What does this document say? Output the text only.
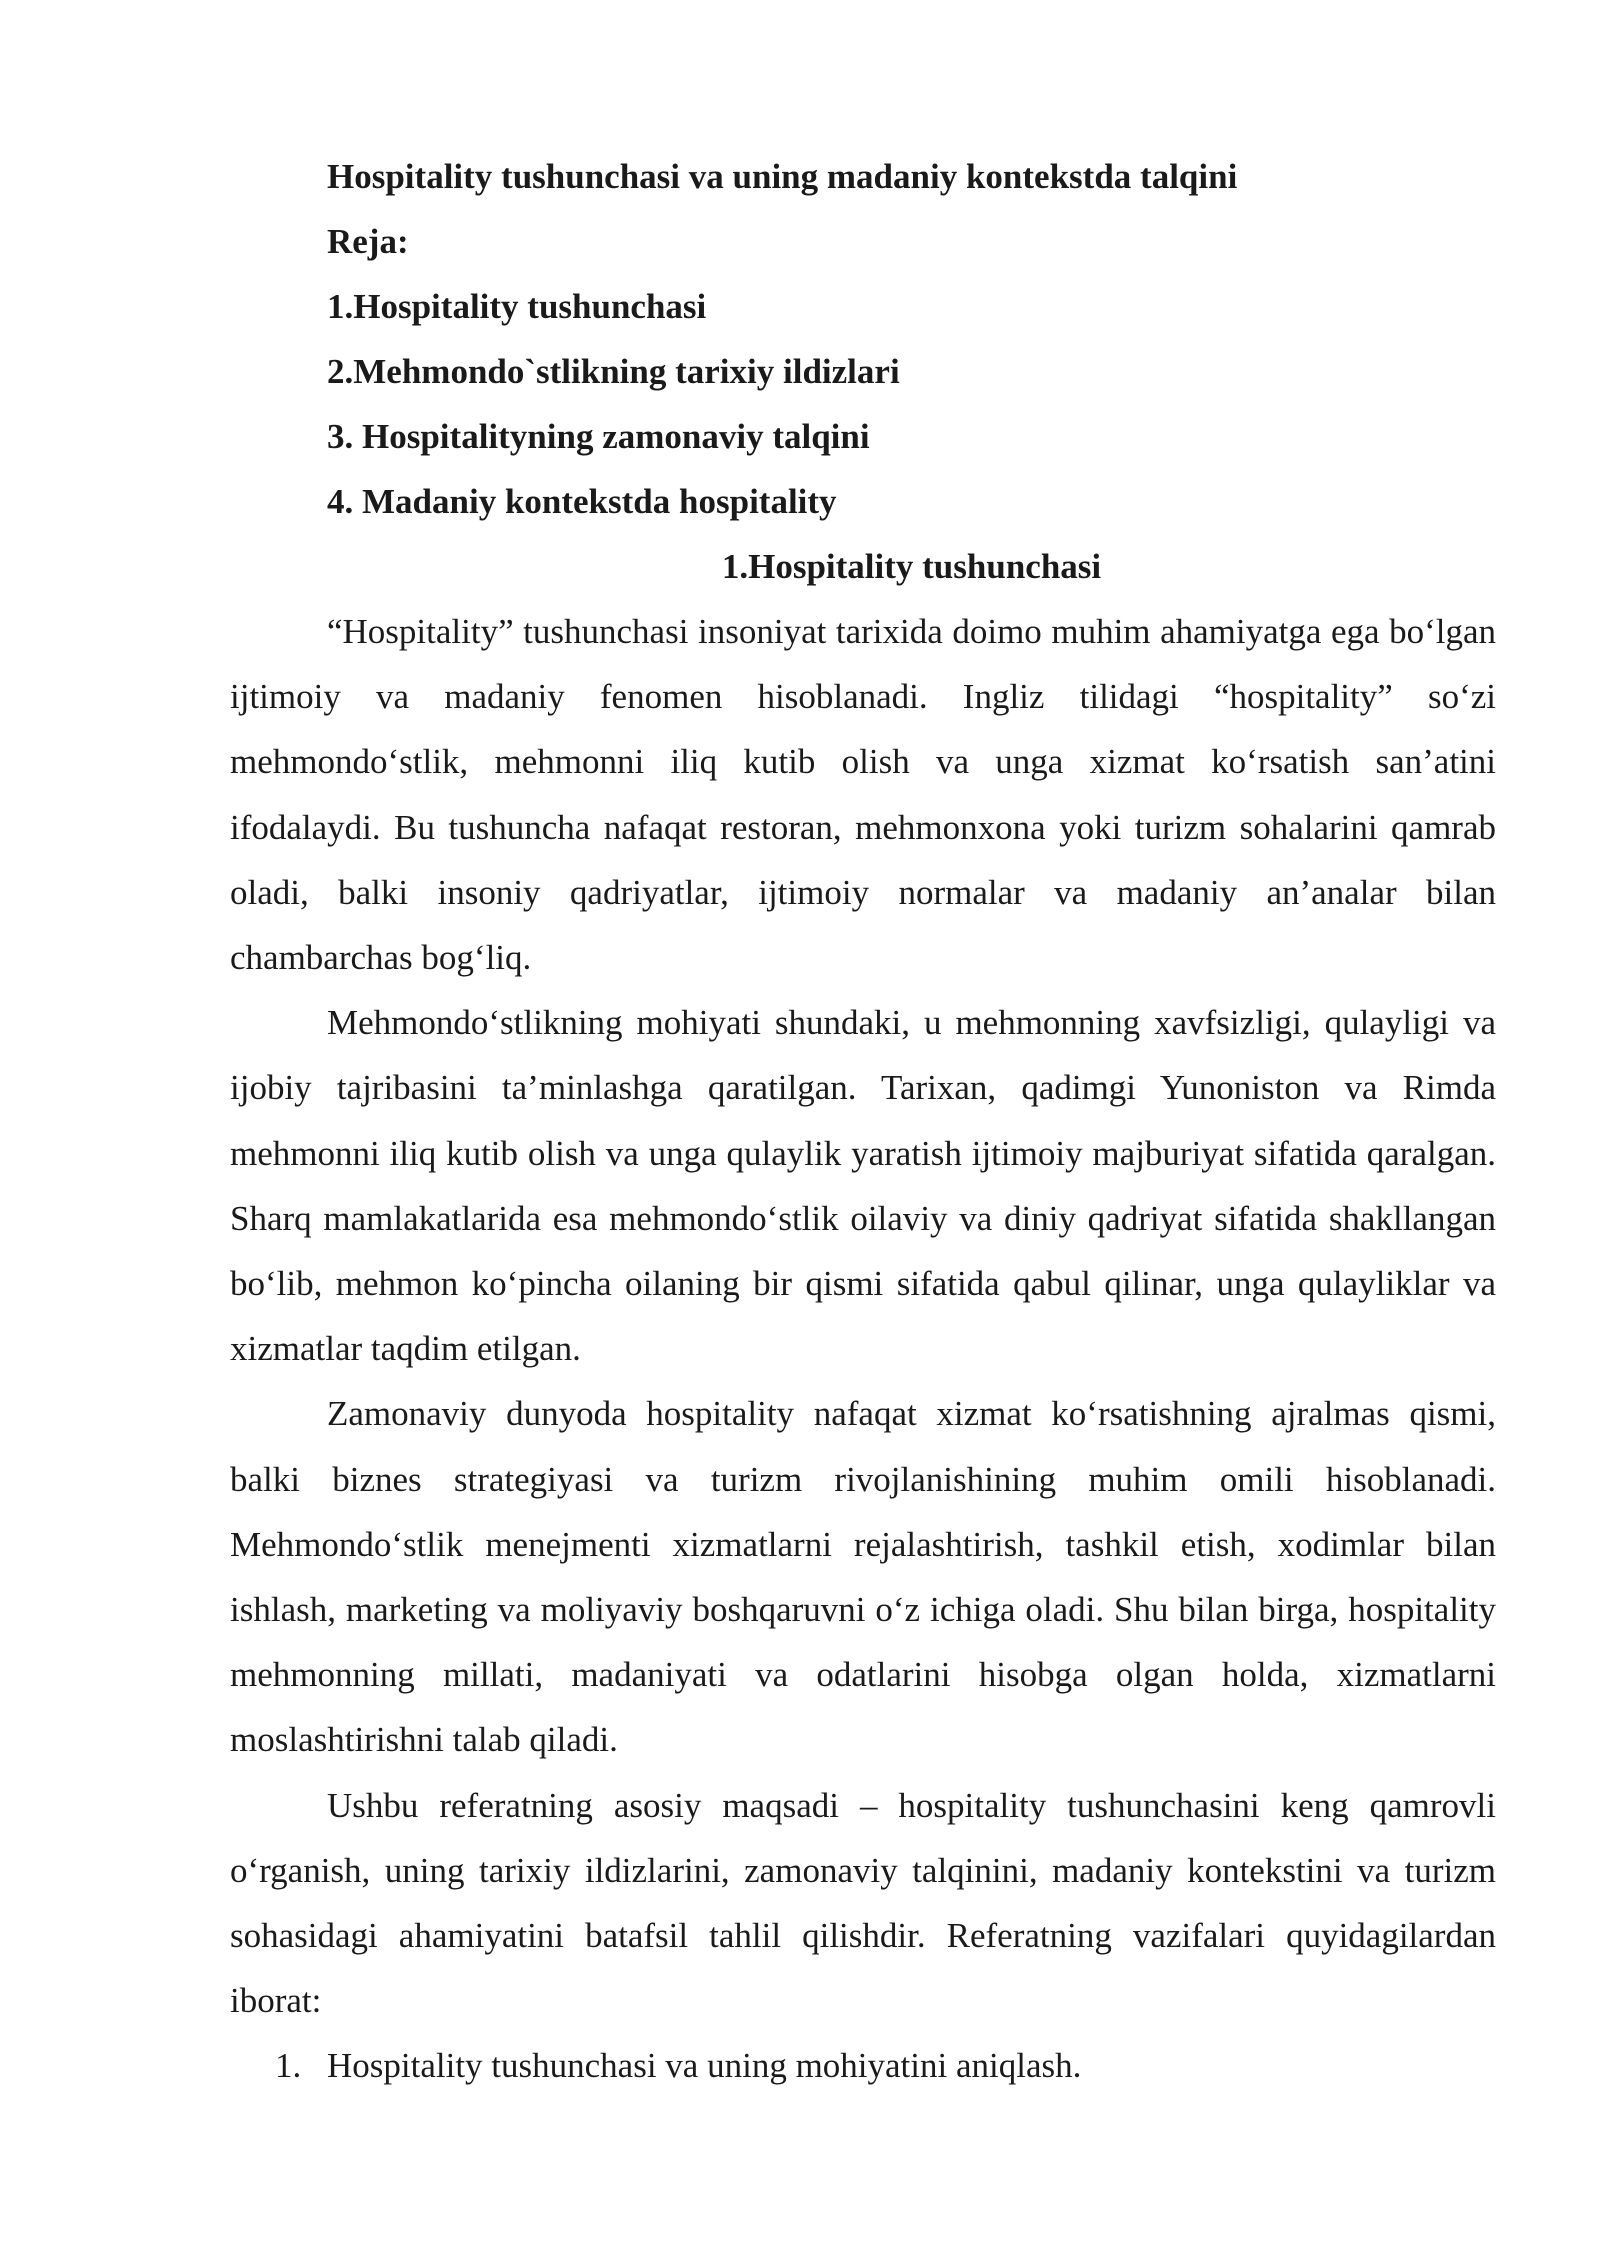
Hospitality tushunchasi va uning madaniy kontekstda talqini
Reja:
1.Hospitality tushunchasi
2.Mehmondo`stlikning tarixiy ildizlari
3. Hospitalityning zamonaviy talqini
4. Madaniy kontekstda hospitality
1.Hospitality tushunchasi

“Hospitality” tushunchasi insoniyat tarixida doimo muhim ahamiyatga ega bo‘lgan ijtimoiy va madaniy fenomen hisoblanadi. Ingliz tilidagi “hospitality” so‘zi mehmondo‘stlik, mehmonni iliq kutib olish va unga xizmat ko‘rsatish san’atini ifodalaydi. Bu tushuncha nafaqat restoran, mehmonxona yoki turizm sohalarini qamrab oladi, balki insoniy qadriyatlar, ijtimoiy normalar va madaniy an’analar bilan chambarchas bog‘liq.

Mehmondo‘stlikning mohiyati shundaki, u mehmonning xavfsizligi, qulayligi va ijobiy tajribasini ta’minlashga qaratilgan. Tarixan, qadimgi Yunoniston va Rimda mehmonni iliq kutib olish va unga qulaylik yaratish ijtimoiy majburiyat sifatida qaralgan. Sharq mamlakatlarida esa mehmondo‘stlik oilaviy va diniy qadriyat sifatida shakllangan bo‘lib, mehmon ko‘pincha oilaning bir qismi sifatida qabul qilinar, unga qulayliklar va xizmatlar taqdim etilgan.

Zamonaviy dunyoda hospitality nafaqat xizmat ko‘rsatishning ajralmas qismi, balki biznes strategiyasi va turizm rivojlanishining muhim omili hisoblanadi. Mehmondo‘stlik menejmenti xizmatlarni rejalashtirish, tashkil etish, xodimlar bilan ishlash, marketing va moliyaviy boshqaruvni o‘z ichiga oladi. Shu bilan birga, hospitality mehmonning millati, madaniyati va odatlarini hisobga olgan holda, xizmatlarni moslashtirishni talab qiladi.

Ushbu referatning asosiy maqsadi – hospitality tushunchasini keng qamrovli o‘rganish, uning tarixiy ildizlarini, zamonaviy talqinini, madaniy kontekstini va turizm sohasidagi ahamiyatini batafsil tahlil qilishdir. Referatning vazifalari quyidagilardan iborat:

1. Hospitality tushunchasi va uning mohiyatini aniqlash.
